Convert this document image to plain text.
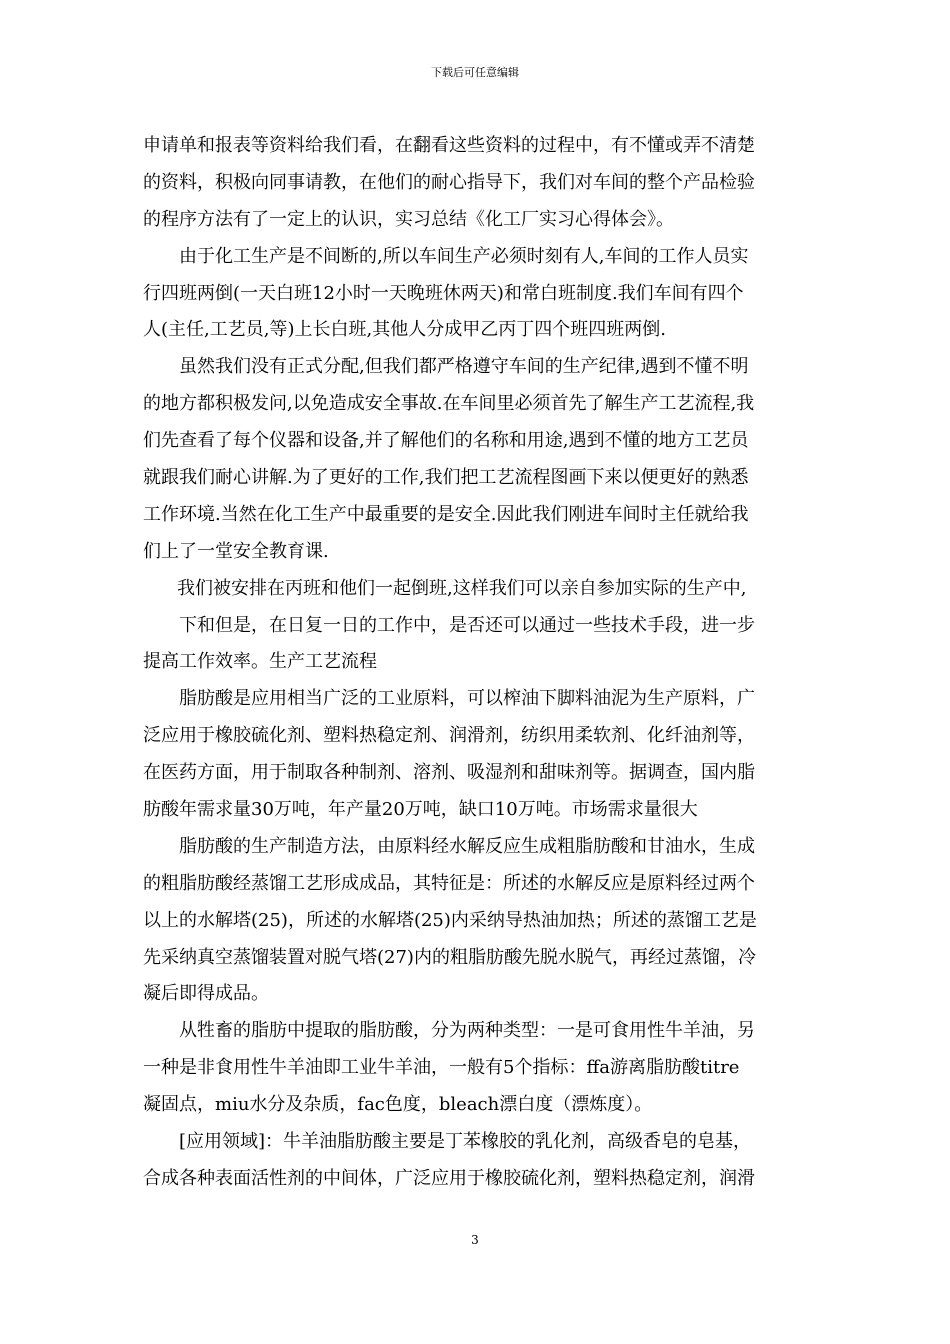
下载后可任意编辑
申请单和报表等资料给我们看，在翻看这些资料的过程中，有不懂或弄不清楚
的资料，积极向同事请教，在他们的耐心指导下，我们对车间的整个产品检验
的程序方法有了一定上的认识，实习总结《化工厂实习心得体会》。
由于化工生产是不间断的,所以车间生产必须时刻有人,车间的工作人员实
行四班两倒(一天白班12小时一天晚班休两天)和常白班制度.我们车间有四个
人(主任,工艺员,等)上长白班,其他人分成甲乙丙丁四个班四班两倒.
虽然我们没有正式分配,但我们都严格遵守车间的生产纪律,遇到不懂不明
的地方都积极发问,以免造成安全事故.在车间里必须首先了解生产工艺流程,我
们先查看了每个仪器和设备,并了解他们的名称和用途,遇到不懂的地方工艺员
就跟我们耐心讲解.为了更好的工作,我们把工艺流程图画下来以便更好的熟悉
工作环境.当然在化工生产中最重要的是安全.因此我们刚进车间时主任就给我
们上了一堂安全教育课.
我们被安排在丙班和他们一起倒班,这样我们可以亲自参加实际的生产中,
下和但是，在日复一日的工作中，是否还可以通过一些技术手段，进一步
提高工作效率。生产工艺流程
脂肪酸是应用相当广泛的工业原料，可以榨油下脚料油泥为生产原料，广
泛应用于橡胶硫化剂、塑料热稳定剂、润滑剂，纺织用柔软剂、化纤油剂等，
在医药方面，用于制取各种制剂、溶剂、吸湿剂和甜味剂等。据调查，国内脂
肪酸年需求量30万吨，年产量20万吨，缺口10万吨。市场需求量很大
脂肪酸的生产制造方法，由原料经水解反应生成粗脂肪酸和甘油水，生成
的粗脂肪酸经蒸馏工艺形成成品，其特征是：所述的水解反应是原料经过两个
以上的水解塔(25)，所述的水解塔(25)内采纳导热油加热；所述的蒸馏工艺是
先采纳真空蒸馏装置对脱气塔(27)内的粗脂肪酸先脱水脱气，再经过蒸馏，冷
凝后即得成品。
从牲畜的脂肪中提取的脂肪酸，分为两种类型：一是可食用性牛羊油，另
一种是非食用性牛羊油即工业牛羊油，一般有5个指标：ffa游离脂肪酸titre
凝固点，miu水分及杂质，fac色度，bleach漂白度（漂炼度）。
[应用领域]：牛羊油脂肪酸主要是丁苯橡胶的乳化剂，高级香皂的皂基，
合成各种表面活性剂的中间体，广泛应用于橡胶硫化剂，塑料热稳定剂，润滑
3
